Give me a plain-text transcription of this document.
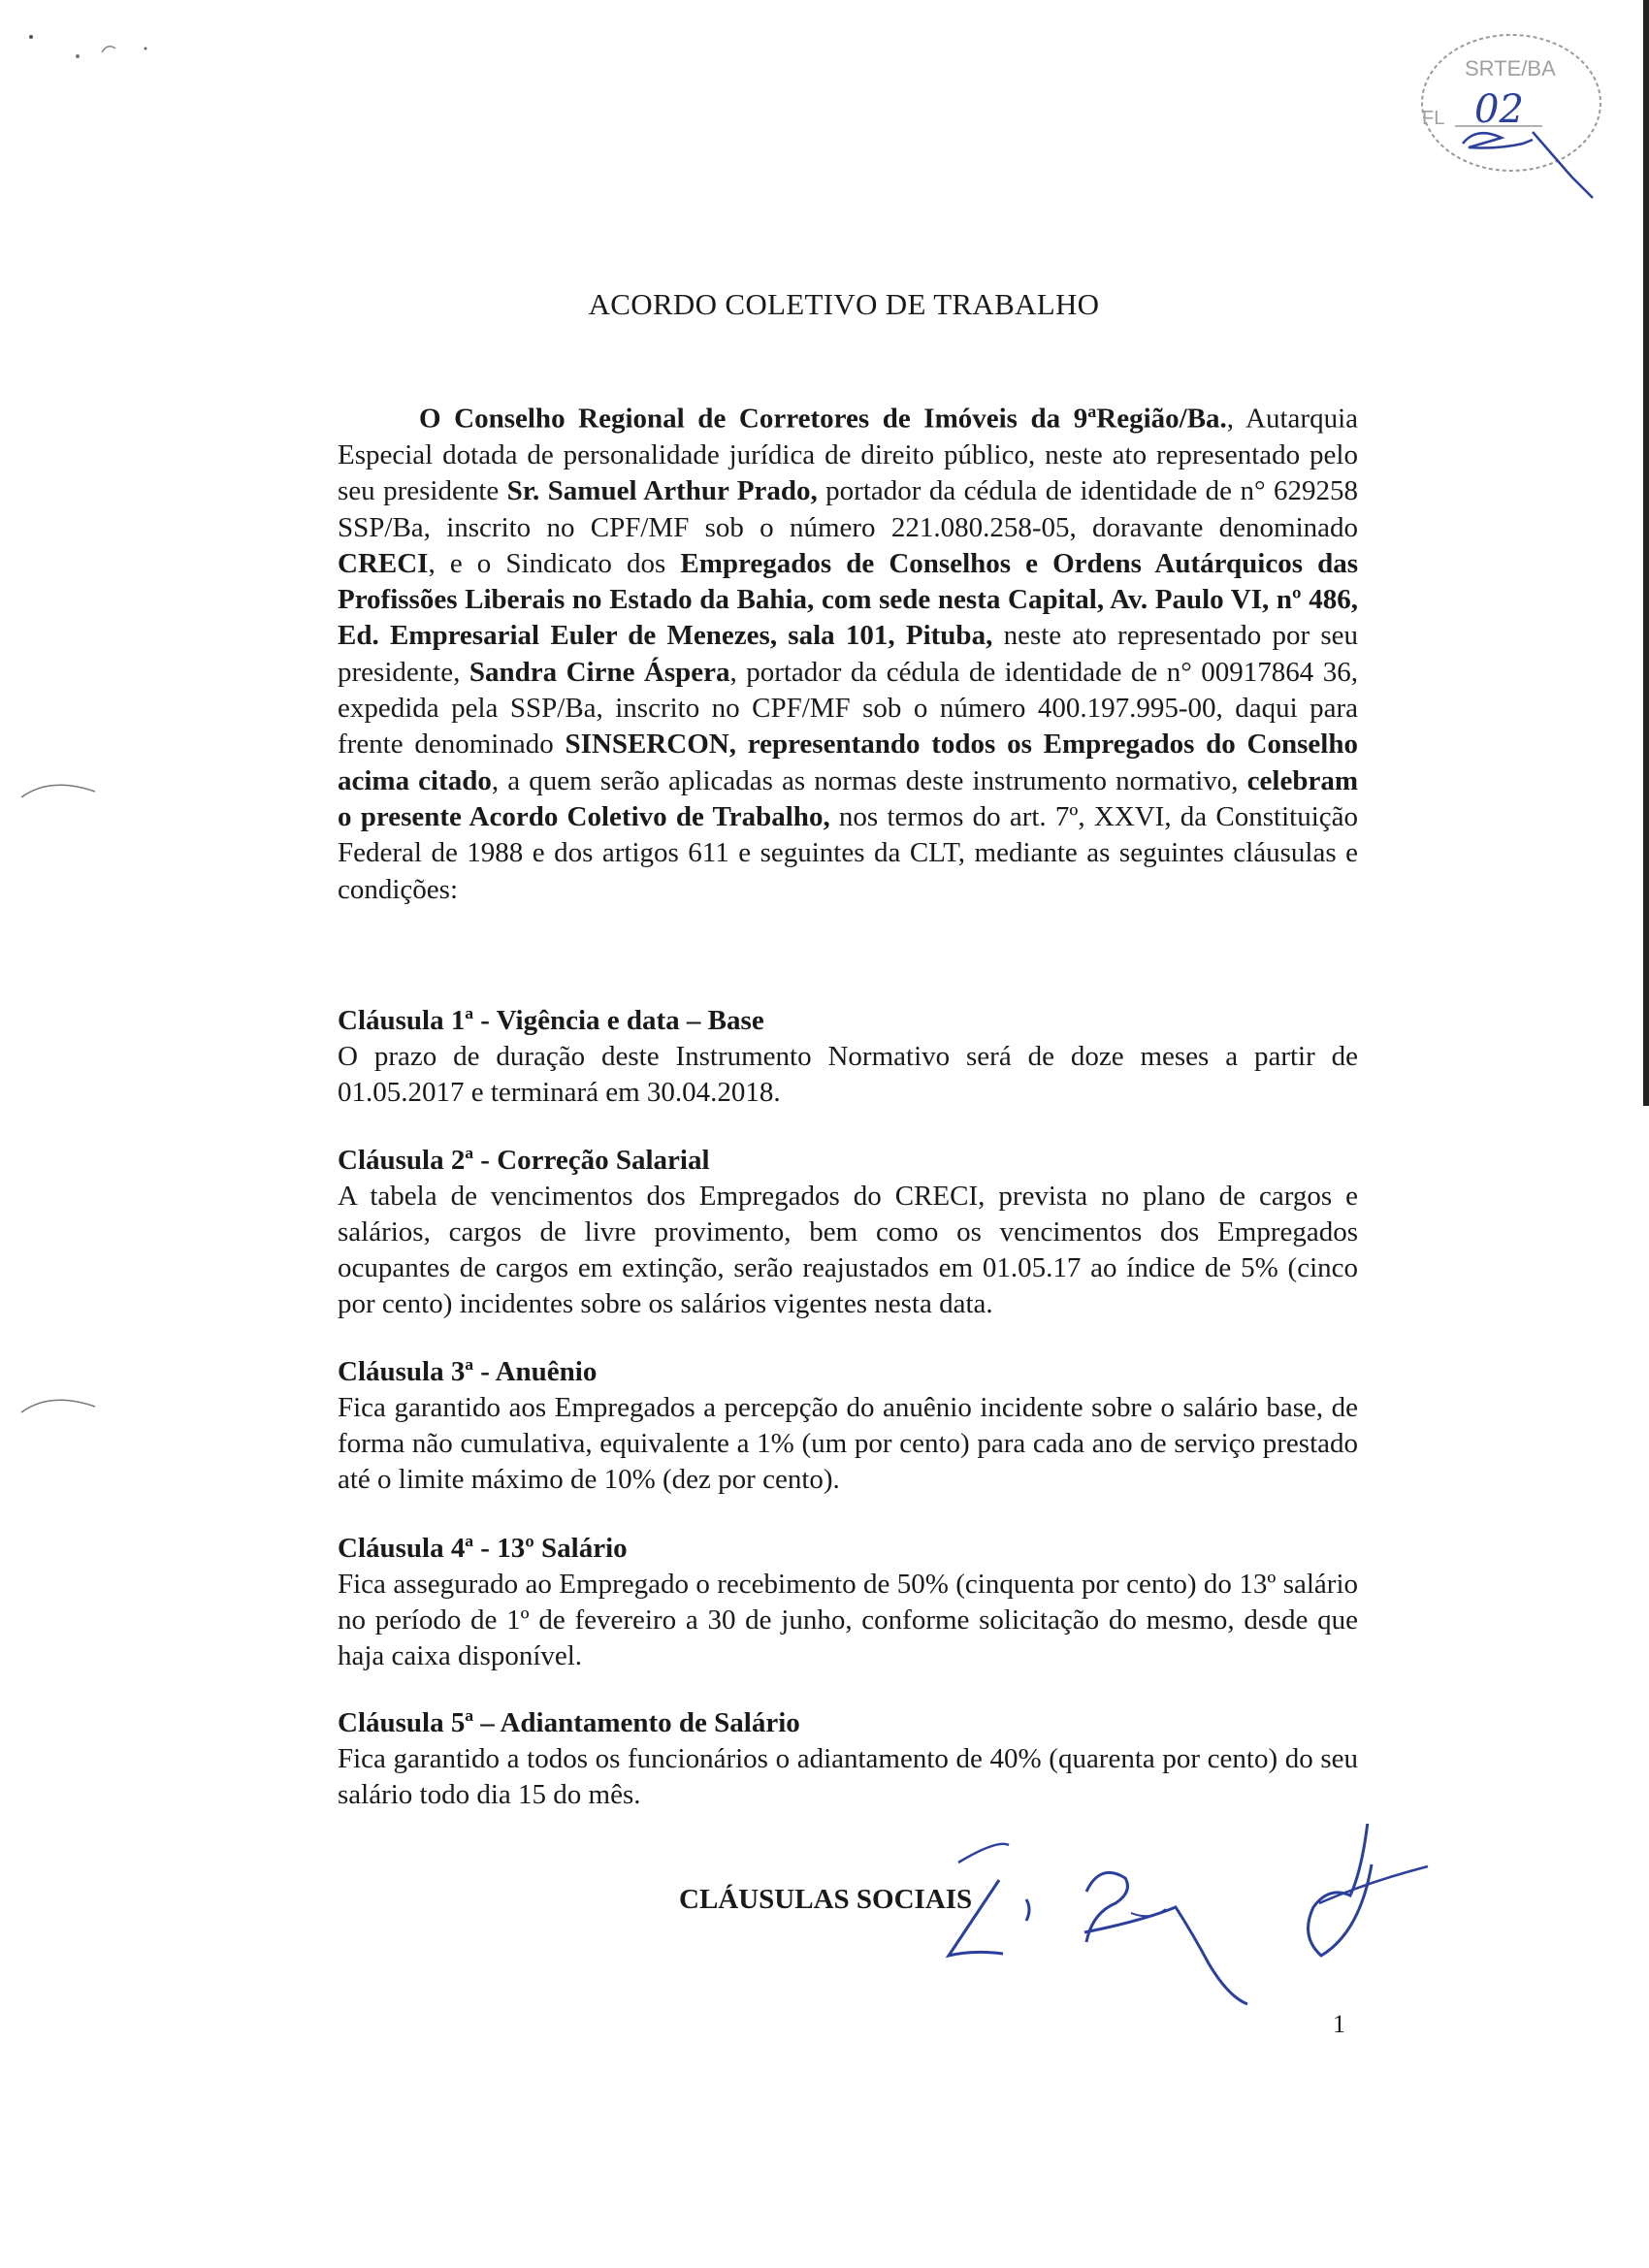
SRTE/BA
FL 02
ACORDO COLETIVO DE TRABALHO

O Conselho Regional de Corretores de Imóveis da 9$^a$Região/Ba., Autarquia Especial dotada de personalidade jurídica de direito público, neste ato representado pelo seu presidente Sr. Samuel Arthur Prado, portador da cédula de identidade de n° 629258 SSP/Ba, inscrito no CPF/MF sob o número 221.080.258-05, doravante denominado CRECI, e o Sindicato dos Empregados de Conselhos e Ordens Autárquicos das Profissões Liberais no Estado da Bahia, com sede nesta Capital, Av. Paulo VI, nº 486, Ed. Empresarial Euler de Menezes, sala 101, Pituba, neste ato representado por seu presidente, Sandra Cirne Áspera, portador da cédula de identidade de n° 00917864 36, expedida pela SSP/Ba, inscrito no CPF/MF sob o número 400.197.995-00, daqui para frente denominado SINSERCON, representando todos os Empregados do Conselho acima citado, a quem serão aplicadas as normas deste instrumento normativo, celebram o presente Acordo Coletivo de Trabalho, nos termos do art. 7º, XXVI, da Constituição Federal de 1988 e dos artigos 611 e seguintes da CLT, mediante as seguintes cláusulas e condições:

Cláusula 1ª - Vigência e data – Base

O prazo de duração deste Instrumento Normativo será de doze meses a partir de 01.05.2017 e terminará em 30.04.2018.

Cláusula 2ª - Correção Salarial

A tabela de vencimentos dos Empregados do CRECI, prevista no plano de cargos e salários, cargos de livre provimento, bem como os vencimentos dos Empregados ocupantes de cargos em extinção, serão reajustados em 01.05.17 ao índice de 5% (cinco por cento) incidentes sobre os salários vigentes nesta data.

Cláusula 3ª - Anuênio

Fica garantido aos Empregados a percepção do anuênio incidente sobre o salário base, de forma não cumulativa, equivalente a 1% (um por cento) para cada ano de serviço prestado até o limite máximo de 10% (dez por cento).

Cláusula 4ª - 13º Salário

Fica assegurado ao Empregado o recebimento de 50% (cinquenta por cento) do 13º salário no período de 1º de fevereiro a 30 de junho, conforme solicitação do mesmo, desde que haja caixa disponível.

Cláusula 5ª – Adiantamento de Salário

Fica garantido a todos os funcionários o adiantamento de 40% (quarenta por cento) do seu salário todo dia 15 do mês.

CLÁUSULAS SOCIAIS
1
